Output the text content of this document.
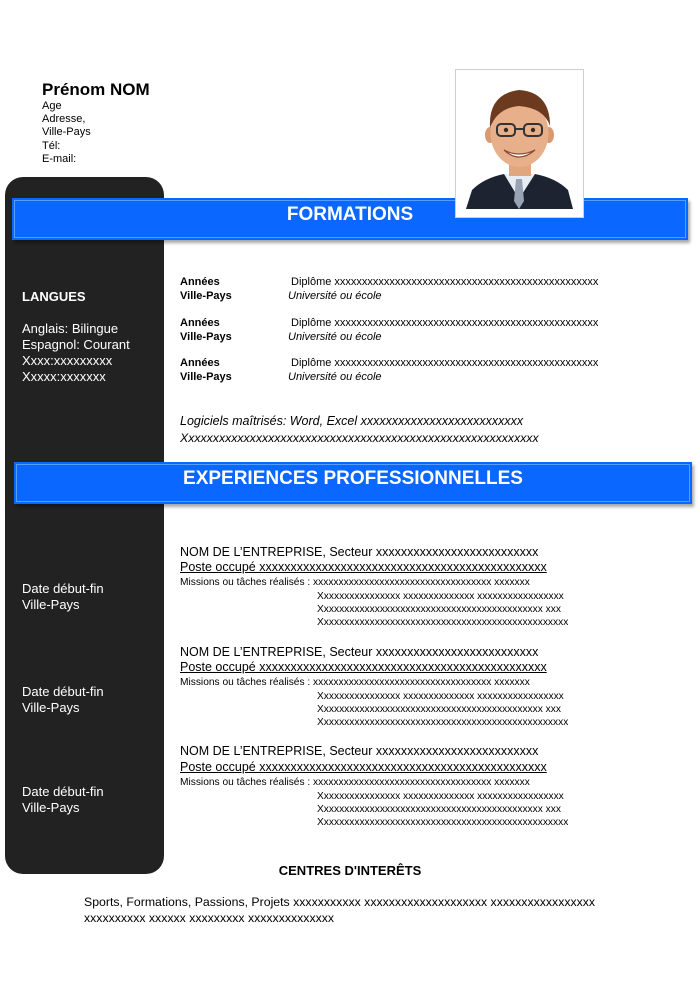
Prénom NOM
Age
Adresse,
Ville-Pays
Tél:
E-mail:
LANGUES
Anglais: Bilingue
Espagnol: Courant
Xxxx:xxxxxxxxx
Xxxxx:xxxxxxx
Date début-fin
Ville-Pays
Date début-fin
Ville-Pays
Date début-fin
Ville-Pays
FORMATIONS
Années
Ville-Pays
Diplôme xxxxxxxxxxxxxxxxxxxxxxxxxxxxxxxxxxxxxxxxxxxxxxxx
Université ou école
Années
Ville-Pays
Diplôme xxxxxxxxxxxxxxxxxxxxxxxxxxxxxxxxxxxxxxxxxxxxxxxx
Université ou école
Années
Ville-Pays
Diplôme xxxxxxxxxxxxxxxxxxxxxxxxxxxxxxxxxxxxxxxxxxxxxxxx
Université ou école
Logiciels maîtrisés: Word, Excel xxxxxxxxxxxxxxxxxxxxxxxxxx
Xxxxxxxxxxxxxxxxxxxxxxxxxxxxxxxxxxxxxxxxxxxxxxxxxxxxxxxxxx
EXPERIENCES PROFESSIONNELLES
NOM DE L’ENTREPRISE, Secteur xxxxxxxxxxxxxxxxxxxxxxxxxx
Poste occupé xxxxxxxxxxxxxxxxxxxxxxxxxxxxxxxxxxxxxxxxxxxxxx
Missions ou tâches réalisés : xxxxxxxxxxxxxxxxxxxxxxxxxxxxxxxxxxx xxxxxxx
Xxxxxxxxxxxxxxxx xxxxxxxxxxxxxx xxxxxxxxxxxxxxxxx
Xxxxxxxxxxxxxxxxxxxxxxxxxxxxxxxxxxxxxxxxxxxx xxx
Xxxxxxxxxxxxxxxxxxxxxxxxxxxxxxxxxxxxxxxxxxxxxxxxx
NOM DE L’ENTREPRISE, Secteur xxxxxxxxxxxxxxxxxxxxxxxxxx
Poste occupé xxxxxxxxxxxxxxxxxxxxxxxxxxxxxxxxxxxxxxxxxxxxxx
Missions ou tâches réalisés : xxxxxxxxxxxxxxxxxxxxxxxxxxxxxxxxxxx xxxxxxx
Xxxxxxxxxxxxxxxx xxxxxxxxxxxxxx xxxxxxxxxxxxxxxxx
Xxxxxxxxxxxxxxxxxxxxxxxxxxxxxxxxxxxxxxxxxxxx xxx
Xxxxxxxxxxxxxxxxxxxxxxxxxxxxxxxxxxxxxxxxxxxxxxxxx
NOM DE L’ENTREPRISE, Secteur xxxxxxxxxxxxxxxxxxxxxxxxxx
Poste occupé xxxxxxxxxxxxxxxxxxxxxxxxxxxxxxxxxxxxxxxxxxxxxx
Missions ou tâches réalisés : xxxxxxxxxxxxxxxxxxxxxxxxxxxxxxxxxxx xxxxxxx
Xxxxxxxxxxxxxxxx xxxxxxxxxxxxxx xxxxxxxxxxxxxxxxx
Xxxxxxxxxxxxxxxxxxxxxxxxxxxxxxxxxxxxxxxxxxxx xxx
Xxxxxxxxxxxxxxxxxxxxxxxxxxxxxxxxxxxxxxxxxxxxxxxxx
CENTRES D'INTERÊTS
Sports, Formations, Passions, Projets xxxxxxxxxxx xxxxxxxxxxxxxxxxxxxx xxxxxxxxxxxxxxxxx
xxxxxxxxxx xxxxxx xxxxxxxxx xxxxxxxxxxxxxx
